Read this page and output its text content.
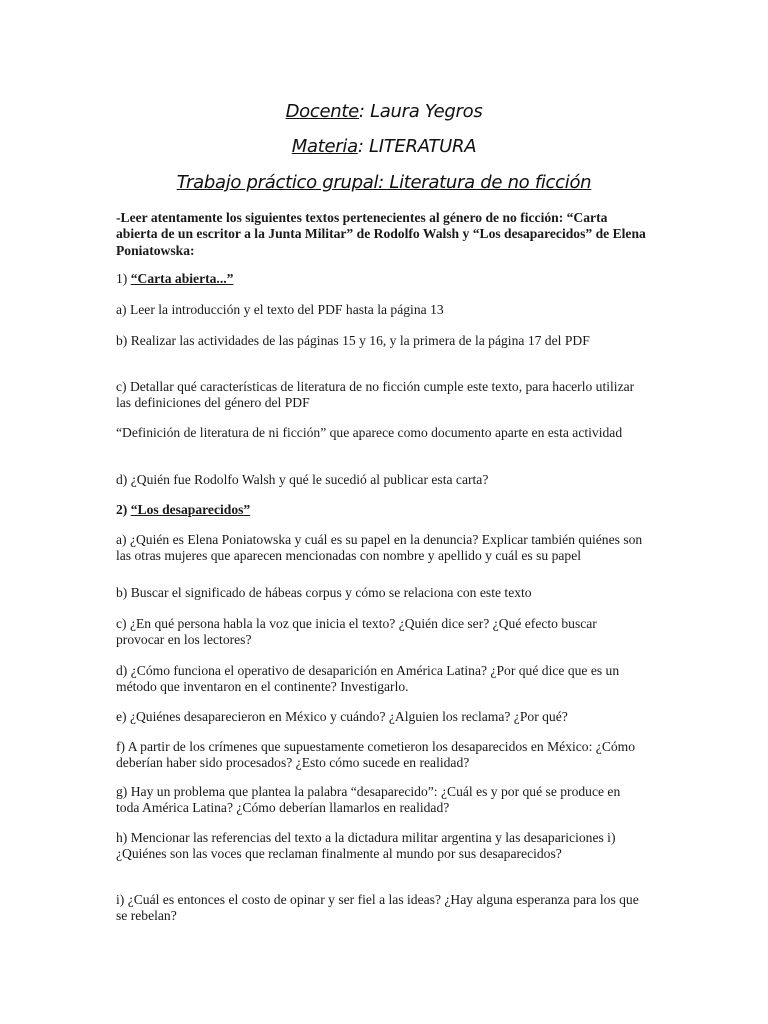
Docente: Laura Yegros
Materia: LITERATURA
Trabajo práctico grupal: Literatura de no ficción
-Leer atentamente los siguientes textos pertenecientes al género de no ficción: “Carta abierta de un escritor a la Junta Militar” de Rodolfo Walsh y “Los desaparecidos” de Elena Poniatowska:
1) “Carta abierta...”
a) Leer la introducción y el texto del PDF hasta la página 13
b) Realizar las actividades de las páginas 15 y 16, y la primera de la página 17 del PDF
c) Detallar qué características de literatura de no ficción cumple este texto, para hacerlo utilizar las definiciones del género del PDF
“Definición de literatura de ni ficción” que aparece como documento aparte en esta actividad
d) ¿Quién fue Rodolfo Walsh y qué le sucedió al publicar esta carta?
2) “Los desaparecidos”
a) ¿Quién es Elena Poniatowska y cuál es su papel en la denuncia? Explicar también quiénes son las otras mujeres que aparecen mencionadas con nombre y apellido y cuál es su papel
b) Buscar el significado de hábeas corpus y cómo se relaciona con este texto
c) ¿En qué persona habla la voz que inicia el texto? ¿Quién dice ser? ¿Qué efecto buscar provocar en los lectores?
d) ¿Cómo funciona el operativo de desaparición en América Latina? ¿Por qué dice que es un método que inventaron en el continente? Investigarlo.
e) ¿Quiénes desaparecieron en México y cuándo? ¿Alguien los reclama? ¿Por qué?
f) A partir de los crímenes que supuestamente cometieron los desaparecidos en México: ¿Cómo deberían haber sido procesados? ¿Esto cómo sucede en realidad?
g) Hay un problema que plantea la palabra “desaparecido”: ¿Cuál es y por qué se produce en toda América Latina? ¿Cómo deberían llamarlos en realidad?
h) Mencionar las referencias del texto a la dictadura militar argentina y las desapariciones i) ¿Quiénes son las voces que reclaman finalmente al mundo por sus desaparecidos?
i) ¿Cuál es entonces el costo de opinar y ser fiel a las ideas? ¿Hay alguna esperanza para los que se rebelan?
